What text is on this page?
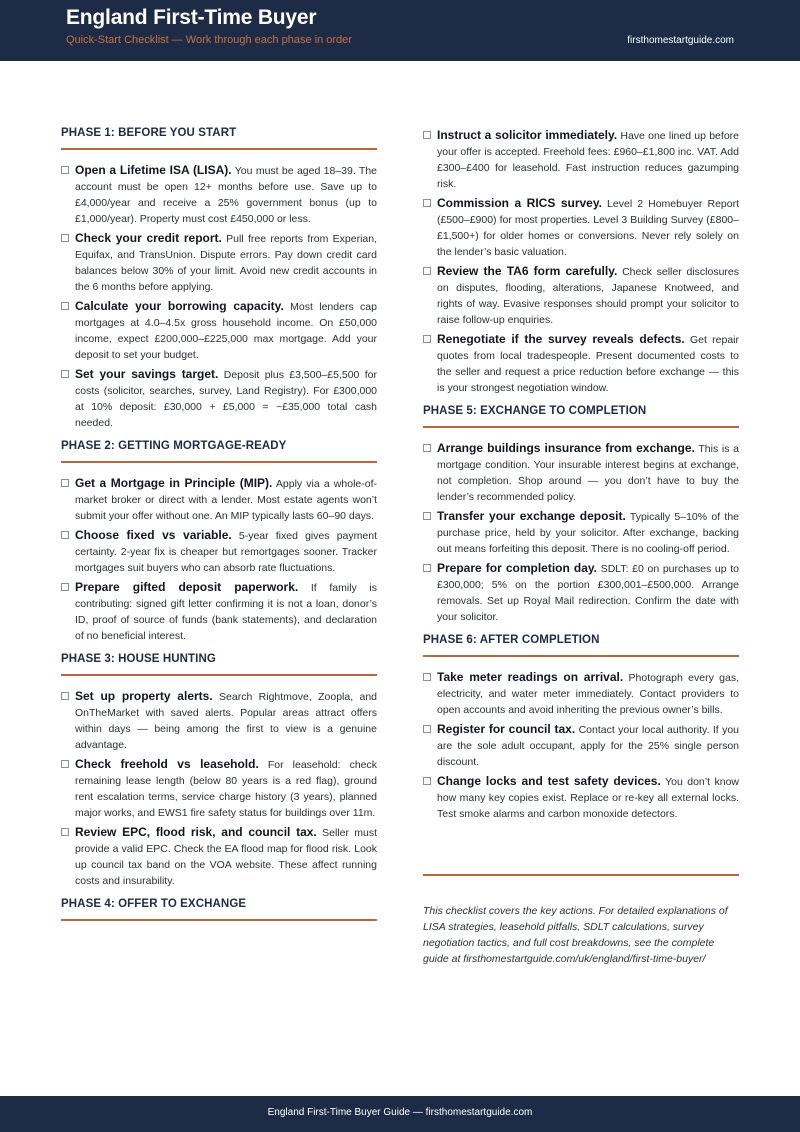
England First-Time Buyer
Quick-Start Checklist — Work through each phase in order	firsthomestartguide.com
PHASE 1: BEFORE YOU START
Open a Lifetime ISA (LISA). You must be aged 18–39. The account must be open 12+ months before use. Save up to £4,000/year and receive a 25% government bonus (up to £1,000/year). Property must cost £450,000 or less.
Check your credit report. Pull free reports from Experian, Equifax, and TransUnion. Dispute errors. Pay down credit card balances below 30% of your limit. Avoid new credit accounts in the 6 months before applying.
Calculate your borrowing capacity. Most lenders cap mortgages at 4.0–4.5x gross household income. On £50,000 income, expect £200,000–£225,000 max mortgage. Add your deposit to set your budget.
Set your savings target. Deposit plus £3,500–£5,500 for costs (solicitor, searches, survey, Land Registry). For £300,000 at 10% deposit: £30,000 + £5,000 = ~£35,000 total cash needed.
PHASE 2: GETTING MORTGAGE-READY
Get a Mortgage in Principle (MIP). Apply via a whole-of-market broker or direct with a lender. Most estate agents won’t submit your offer without one. An MIP typically lasts 60–90 days.
Choose fixed vs variable. 5-year fixed gives payment certainty. 2-year fix is cheaper but remortgages sooner. Tracker mortgages suit buyers who can absorb rate fluctuations.
Prepare gifted deposit paperwork. If family is contributing: signed gift letter confirming it is not a loan, donor’s ID, proof of source of funds (bank statements), and declaration of no beneficial interest.
PHASE 3: HOUSE HUNTING
Set up property alerts. Search Rightmove, Zoopla, and OnTheMarket with saved alerts. Popular areas attract offers within days — being among the first to view is a genuine advantage.
Check freehold vs leasehold. For leasehold: check remaining lease length (below 80 years is a red flag), ground rent escalation terms, service charge history (3 years), planned major works, and EWS1 fire safety status for buildings over 11m.
Review EPC, flood risk, and council tax. Seller must provide a valid EPC. Check the EA flood map for flood risk. Look up council tax band on the VOA website. These affect running costs and insurability.
PHASE 4: OFFER TO EXCHANGE
Instruct a solicitor immediately. Have one lined up before your offer is accepted. Freehold fees: £960–£1,800 inc. VAT. Add £300–£400 for leasehold. Fast instruction reduces gazumping risk.
Commission a RICS survey. Level 2 Homebuyer Report (£500–£900) for most properties. Level 3 Building Survey (£800–£1,500+) for older homes or conversions. Never rely solely on the lender’s basic valuation.
Review the TA6 form carefully. Check seller disclosures on disputes, flooding, alterations, Japanese Knotweed, and rights of way. Evasive responses should prompt your solicitor to raise follow-up enquiries.
Renegotiate if the survey reveals defects. Get repair quotes from local tradespeople. Present documented costs to the seller and request a price reduction before exchange — this is your strongest negotiation window.
PHASE 5: EXCHANGE TO COMPLETION
Arrange buildings insurance from exchange. This is a mortgage condition. Your insurable interest begins at exchange, not completion. Shop around — you don’t have to buy the lender’s recommended policy.
Transfer your exchange deposit. Typically 5–10% of the purchase price, held by your solicitor. After exchange, backing out means forfeiting this deposit. There is no cooling-off period.
Prepare for completion day. SDLT: £0 on purchases up to £300,000; 5% on the portion £300,001–£500,000. Arrange removals. Set up Royal Mail redirection. Confirm the date with your solicitor.
PHASE 6: AFTER COMPLETION
Take meter readings on arrival. Photograph every gas, electricity, and water meter immediately. Contact providers to open accounts and avoid inheriting the previous owner’s bills.
Register for council tax. Contact your local authority. If you are the sole adult occupant, apply for the 25% single person discount.
Change locks and test safety devices. You don’t know how many key copies exist. Replace or re-key all external locks. Test smoke alarms and carbon monoxide detectors.
This checklist covers the key actions. For detailed explanations of LISA strategies, leasehold pitfalls, SDLT calculations, survey negotiation tactics, and full cost breakdowns, see the complete guide at firsthomestartguide.com/uk/england/first-time-buyer/
England First-Time Buyer Guide — firsthomestartguide.com
